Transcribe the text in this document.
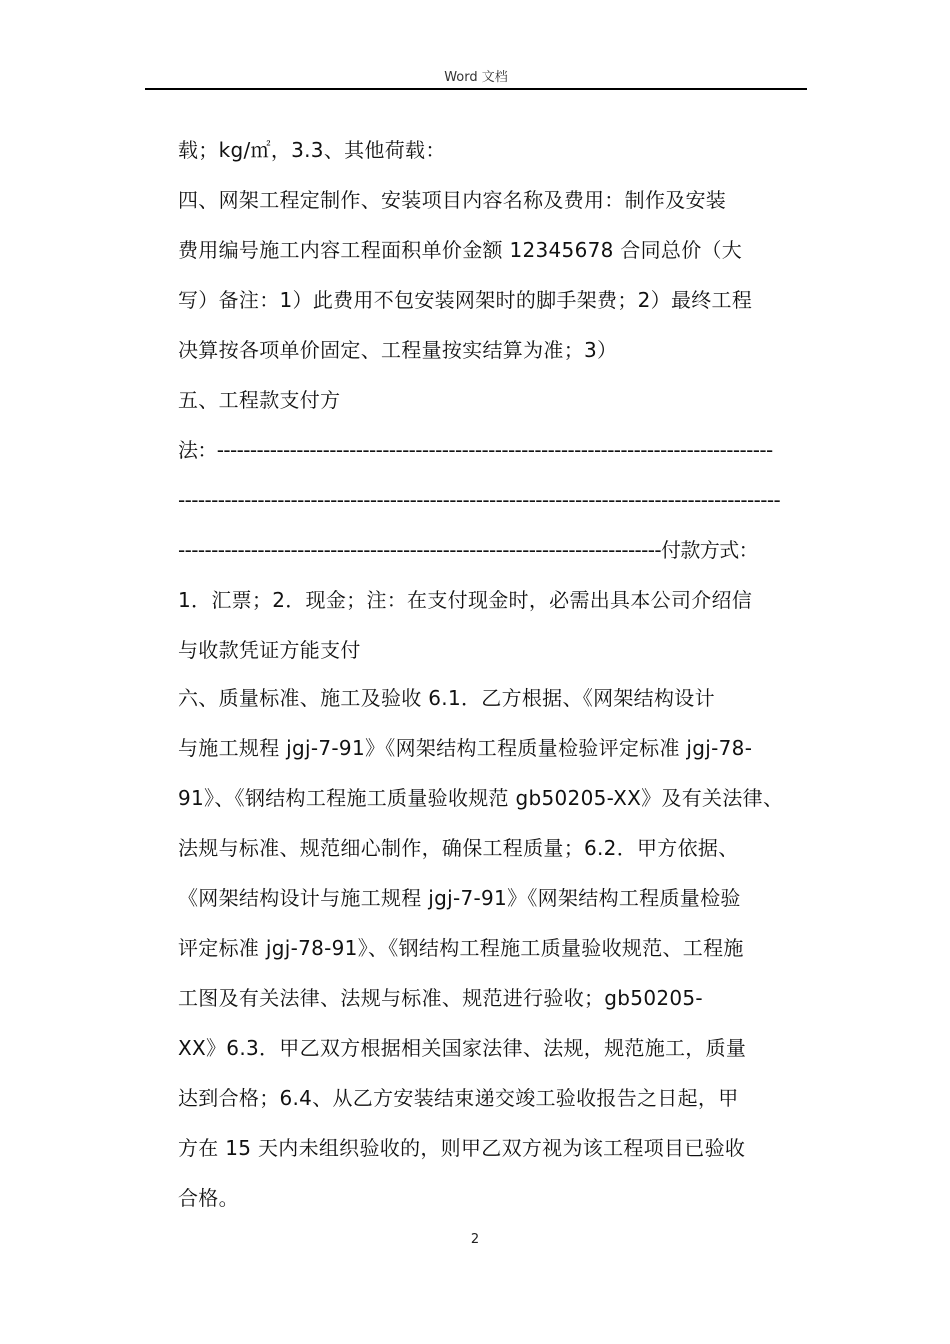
Word 文档
载；kg/㎡，3.3、其他荷载：
四、网架工程定制作、安装项目内容名称及费用：制作及安装
费用编号施工内容工程面积单价金额 12345678 合同总价（大
写）备注：1）此费用不包安装网架时的脚手架费；2）最终工程
决算按各项单价固定、工程量按实结算为准；3）
五、工程款支付方
法：------------------------------------------------------------------------------------
-------------------------------------------------------------------------------------------
-------------------------------------------------------------------------付款方式：
1．汇票；2．现金；注：在支付现金时，必需出具本公司介绍信
与收款凭证方能支付
六、质量标准、施工及验收 6.1．乙方根据、《网架结构设计
与施工规程 jgj-7-91》《网架结构工程质量检验评定标准 jgj-78-
91》、《钢结构工程施工质量验收规范 gb50205-XX》及有关法律、
法规与标准、规范细心制作，确保工程质量；6.2．甲方依据、
《网架结构设计与施工规程 jgj-7-91》《网架结构工程质量检验
评定标准 jgj-78-91》、《钢结构工程施工质量验收规范、工程施
工图及有关法律、法规与标准、规范进行验收；gb50205-
XX》6.3．甲乙双方根据相关国家法律、法规，规范施工，质量
达到合格；6.4、从乙方安装结束递交竣工验收报告之日起，甲
方在 15 天内未组织验收的，则甲乙双方视为该工程项目已验收
合格。
2
